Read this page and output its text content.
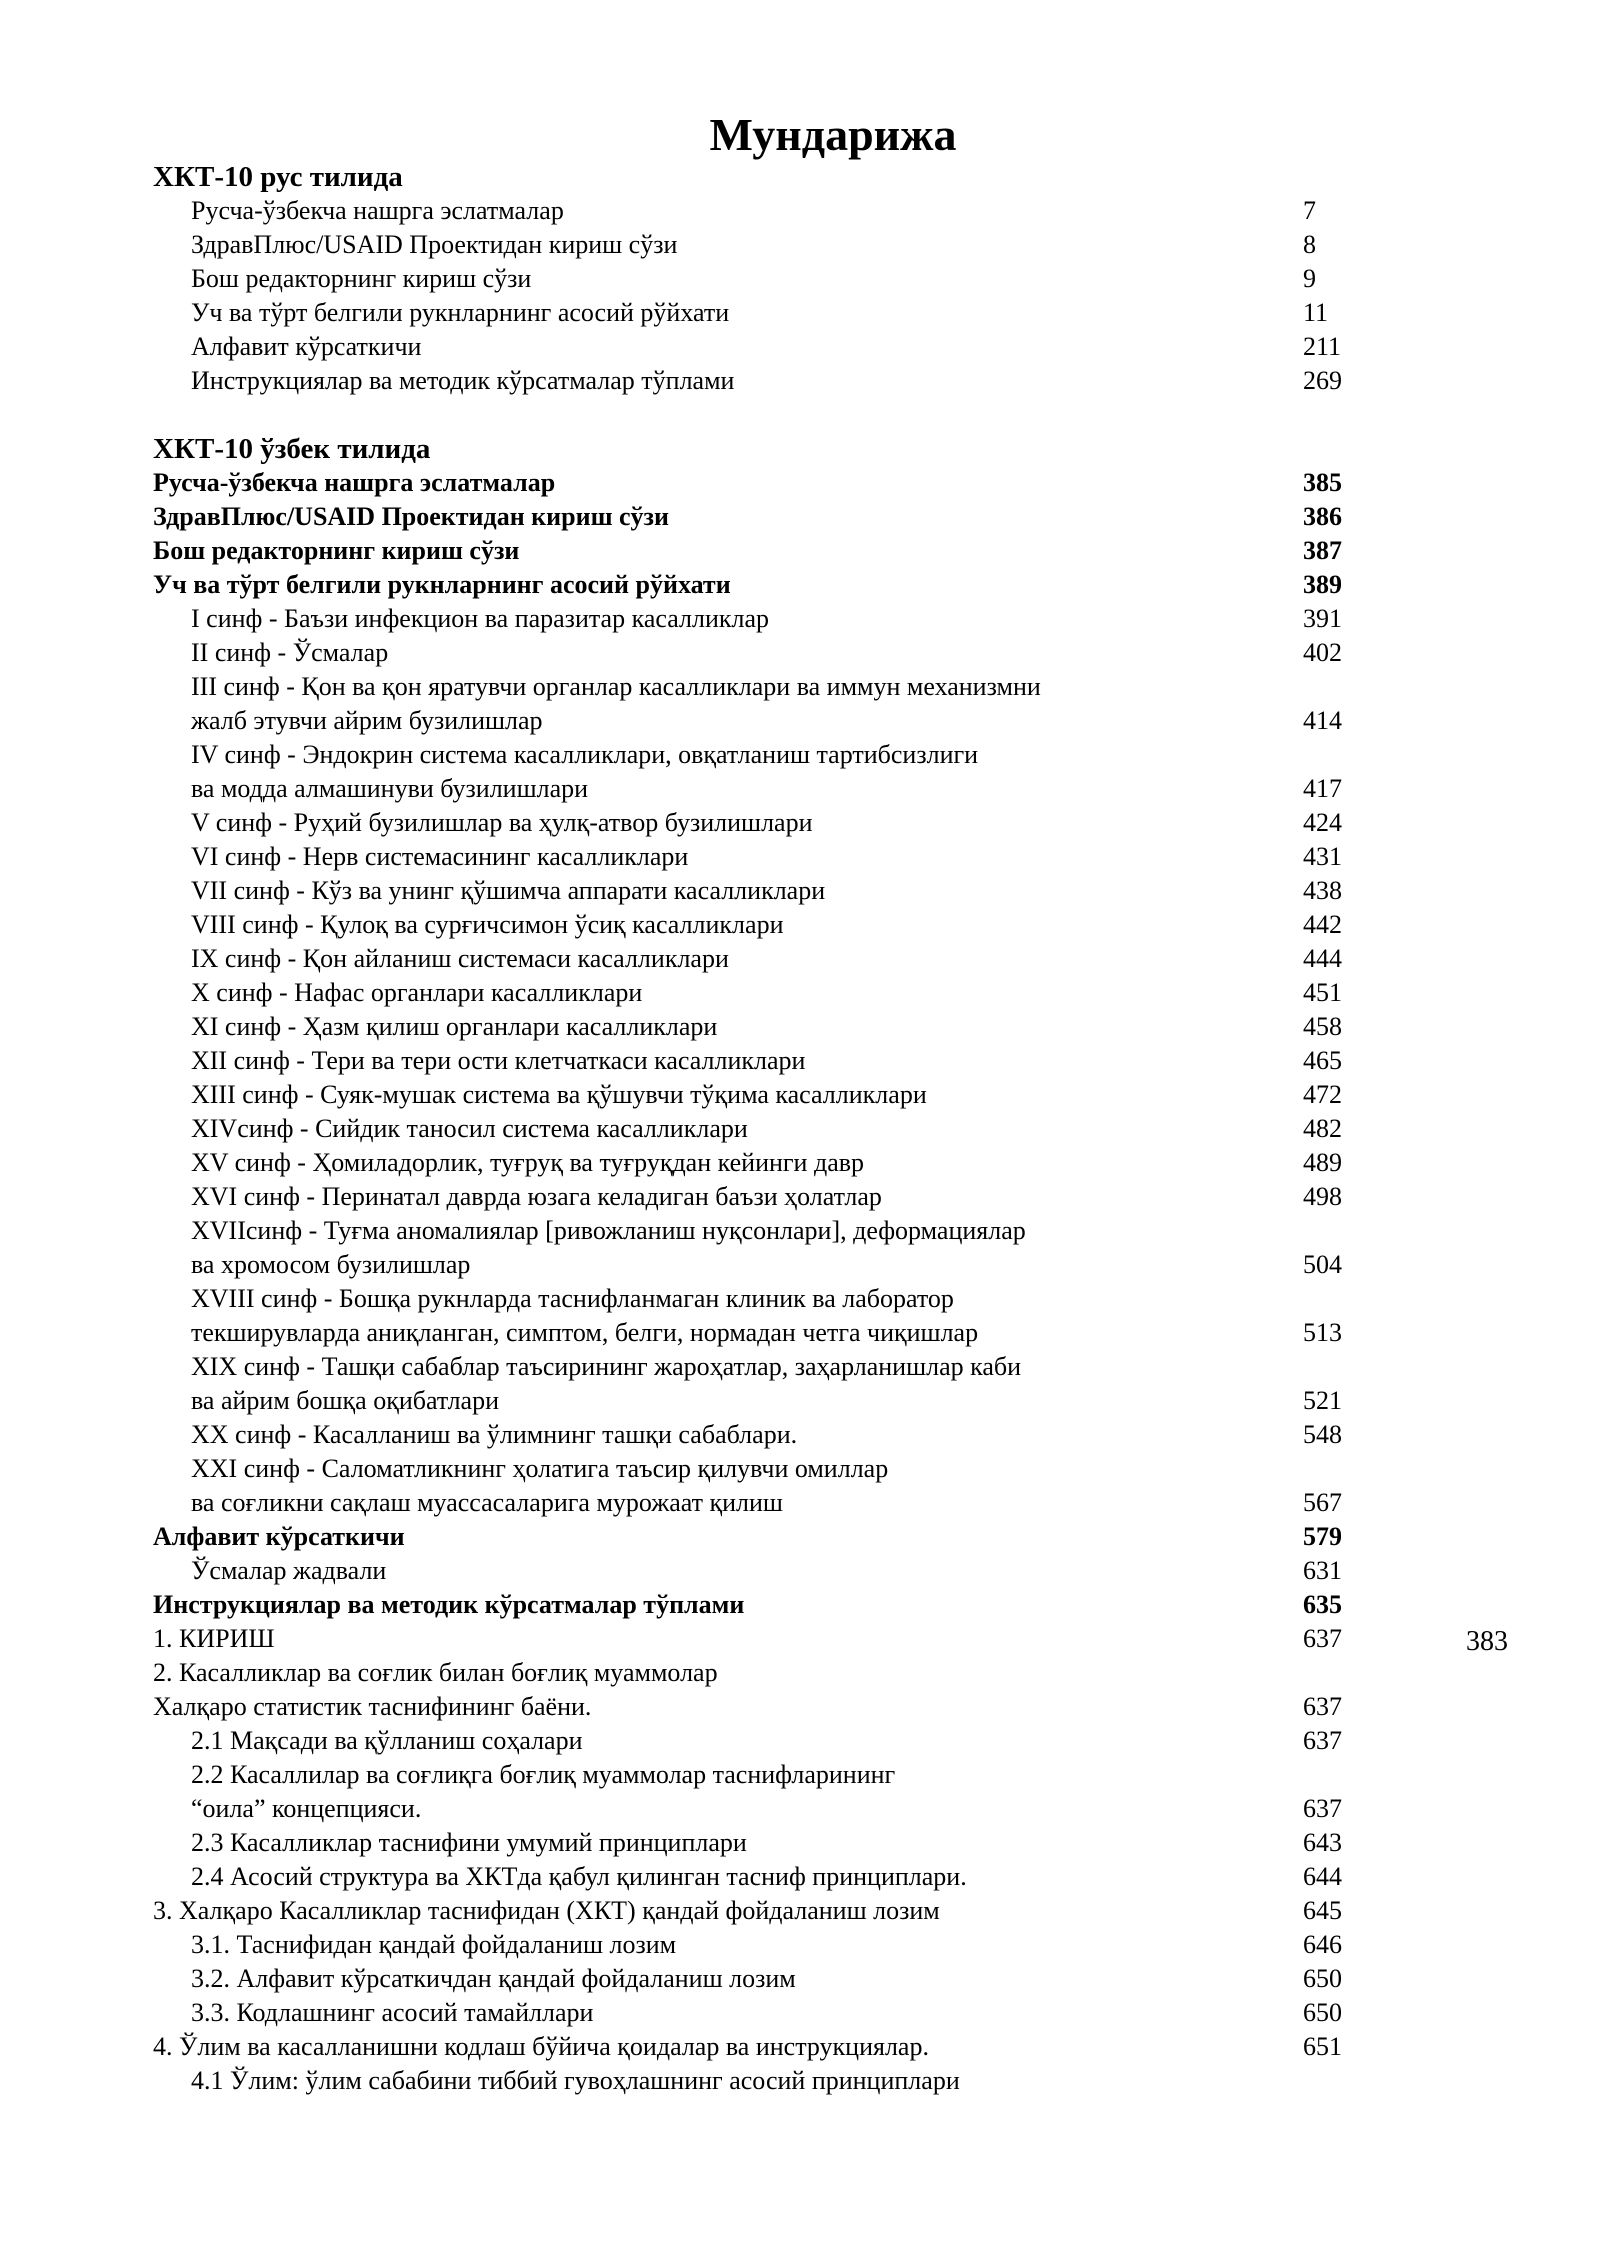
Мундарижа
ХКТ-10 рус тилида
Русча-ўзбекча нашрга эслатмалар	7
ЗдравПлюс/USAID Проектидан кириш сўзи	8
Бош редакторнинг кириш сўзи	9
Уч ва тўрт белгили рукнларнинг асосий рўйхати	11
Алфавит кўрсаткичи	211
Инструкциялар ва методик кўрсатмалар тўплами	269
ХКТ-10 ўзбек тилида
Русча-ўзбекча нашрга эслатмалар	385
ЗдравПлюс/USAID Проектидан кириш сўзи	386
Бош редакторнинг кириш сўзи	387
Уч ва тўрт белгили рукнларнинг асосий рўйхати	389
I синф - Баъзи инфекцион ва паразитар касалликлар	391
II синф - Ўсмалар	402
III синф - Қон ва қон яратувчи органлар касалликлари ва иммун механизмни
жалб этувчи айрим бузилишлар	414
IV синф - Эндокрин система касалликлари, овқатланиш тартибсизлиги
ва модда алмашинуви бузилишлари	417
V синф - Руҳий бузилишлар ва ҳулқ-атвор бузилишлари	424
VI синф - Нерв системасининг касалликлари	431
VII синф - Кўз ва унинг қўшимча аппарати касалликлари	438
VIII синф - Қулоқ ва сурғичсимон ўсиқ касалликлари	442
IX синф - Қон айланиш системаси касалликлари	444
X синф - Нафас органлари касалликлари	451
XI синф - Ҳазм қилиш органлари касалликлари	458
XII синф - Тери ва тери ости клетчаткаси касалликлари	465
XIII синф - Суяк-мушак система ва қўшувчи тўқима касалликлари	472
XIVсинф - Сийдик таносил система касалликлари	482
XV синф - Ҳомиладорлик, туғруқ ва туғруқдан кейинги давр	489
XVI синф - Перинатал даврда юзага келадиган баъзи ҳолатлар	498
XVIIсинф - Туғма аномалиялар [ривожланиш нуқсонлари], деформациялар
ва хромосом бузилишлар	504
XVIII синф - Бошқа рукнларда таснифланмаган клиник ва лаборатор
текширувларда аниқланган, симптом, белги, нормадан четга чиқишлар	513
XIX синф - Ташқи сабаблар таъсирининг жароҳатлар, заҳарланишлар каби
ва айрим бошқа оқибатлари	521
XX синф - Касалланиш ва ўлимнинг ташқи сабаблари.	548
XXI синф - Саломатликнинг ҳолатига таъсир қилувчи омиллар
ва соғликни сақлаш муассасаларига мурожаат қилиш	567
Алфавит кўрсаткичи	579
Ўсмалар жадвали	631
Инструкциялар ва методик кўрсатмалар тўплами	635
1. КИРИШ	637
2. Касалликлар ва соғлик билан боғлиқ муаммолар
Халқаро статистик таснифининг баёни.	637
2.1 Мақсади ва қўлланиш соҳалари	637
2.2 Касаллилар ва соғлиқга боғлиқ муаммолар таснифларининг
“оила” концепцияси.	637
2.3 Касалликлар таснифини умумий принциплари	643
2.4 Асосий структура ва ХКТда қабул қилинган тасниф принциплари.	644
3. Халқаро Касалликлар таснифидан (ХКТ) қандай фойдаланиш лозим	645
3.1. Таснифидан қандай фойдаланиш лозим	646
3.2. Алфавит кўрсаткичдан қандай фойдаланиш лозим	650
3.3. Кодлашнинг асосий тамайллари	650
4. Ўлим ва касалланишни кодлаш бўйича қоидалар ва инструкциялар.	651
4.1 Ўлим: ўлим сабабини тиббий гувоҳлашнинг асосий принциплари
383
